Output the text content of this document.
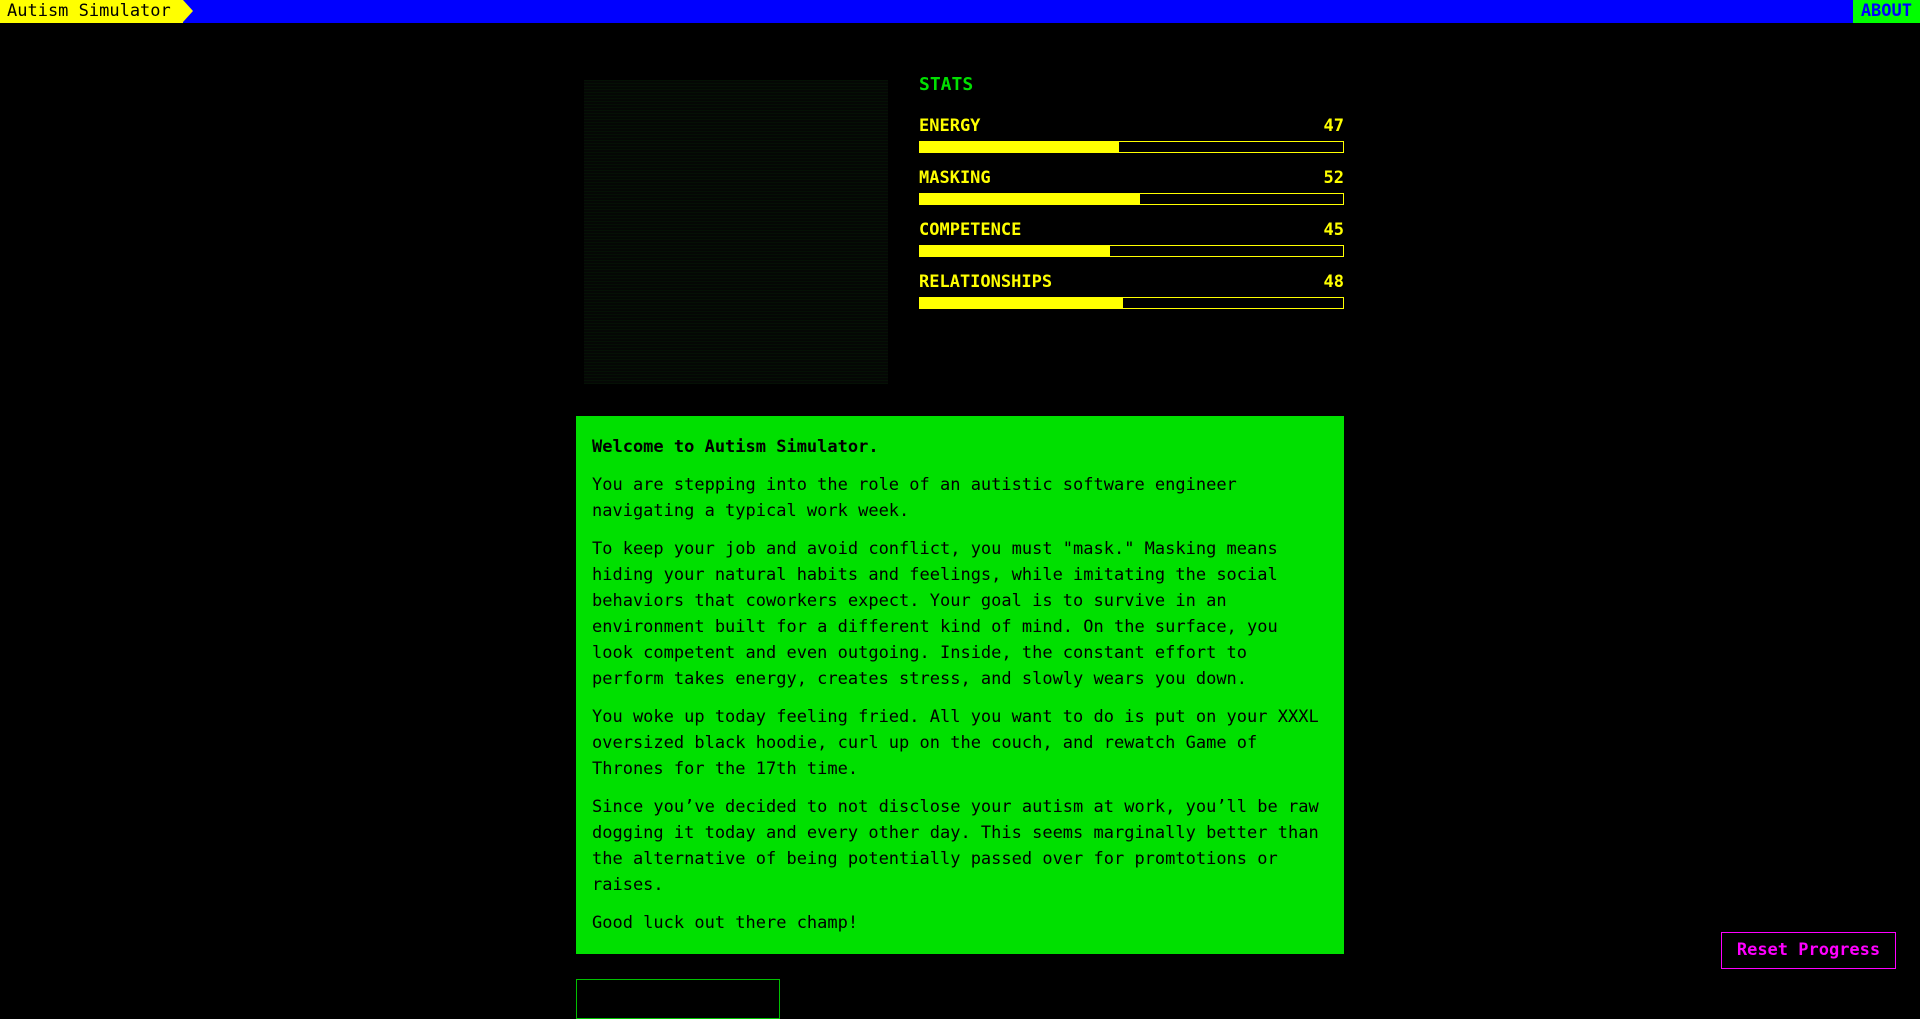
Autism Simulator	ABOUT
STATS
ENERGY	47
MASKING	52
COMPETENCE	45
RELATIONSHIPS	48

Welcome to Autism Simulator.

You are stepping into the role of an autistic software engineer navigating a typical work week.

To keep your job and avoid conflict, you must "mask." Masking means hiding your natural habits and feelings, while imitating the social behaviors that coworkers expect. Your goal is to survive in an environment built for a different kind of mind. On the surface, you look competent and even outgoing. Inside, the constant effort to perform takes energy, creates stress, and slowly wears you down.

You woke up today feeling fried. All you want to do is put on your XXXL oversized black hoodie, curl up on the couch, and rewatch Game of Thrones for the 17th time.

Since you’ve decided to not disclose your autism at work, you’ll be raw dogging it today and every other day. This seems marginally better than the alternative of being potentially passed over for promtotions or raises.

Good luck out there champ!

Reset Progress
